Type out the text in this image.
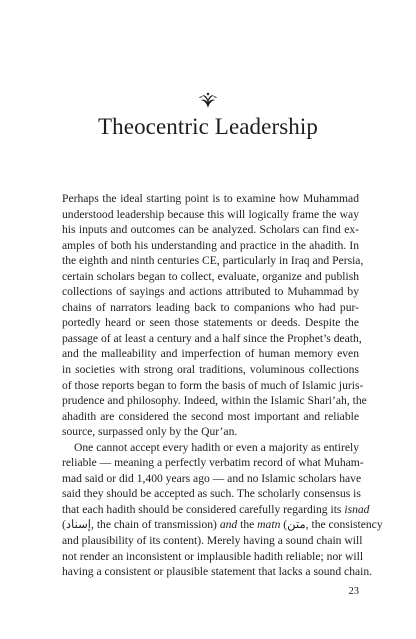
Theocentric Leadership
Perhaps the ideal starting point is to examine how Muhammad
understood leadership because this will logically frame the way
his inputs and outcomes can be analyzed. Scholars can find ex-
amples of both his understanding and practice in the ahadith. In
the eighth and ninth centuries CE, particularly in Iraq and Persia,
certain scholars began to collect, evaluate, organize and publish
collections of sayings and actions attributed to Muhammad by
chains of narrators leading back to companions who had pur-
portedly heard or seen those statements or deeds. Despite the
passage of at least a century and a half since the Prophet’s death,
and the malleability and imperfection of human memory even
in societies with strong oral traditions, voluminous collections
of those reports began to form the basis of much of Islamic juris-
prudence and philosophy. Indeed, within the Islamic Shari’ah, the
ahadith are considered the second most important and reliable
source, surpassed only by the Qur’an.
One cannot accept every hadith or even a majority as entirely
reliable — meaning a perfectly verbatim record of what Muham-
mad said or did 1,400 years ago — and no Islamic scholars have
said they should be accepted as such. The scholarly consensus is
that each hadith should be considered carefully regarding its isnad
(إسناد, the chain of transmission) and the matn (متن, the consistency
and plausibility of its content). Merely having a sound chain will
not render an inconsistent or implausible hadith reliable; nor will
having a consistent or plausible statement that lacks a sound chain.
23
